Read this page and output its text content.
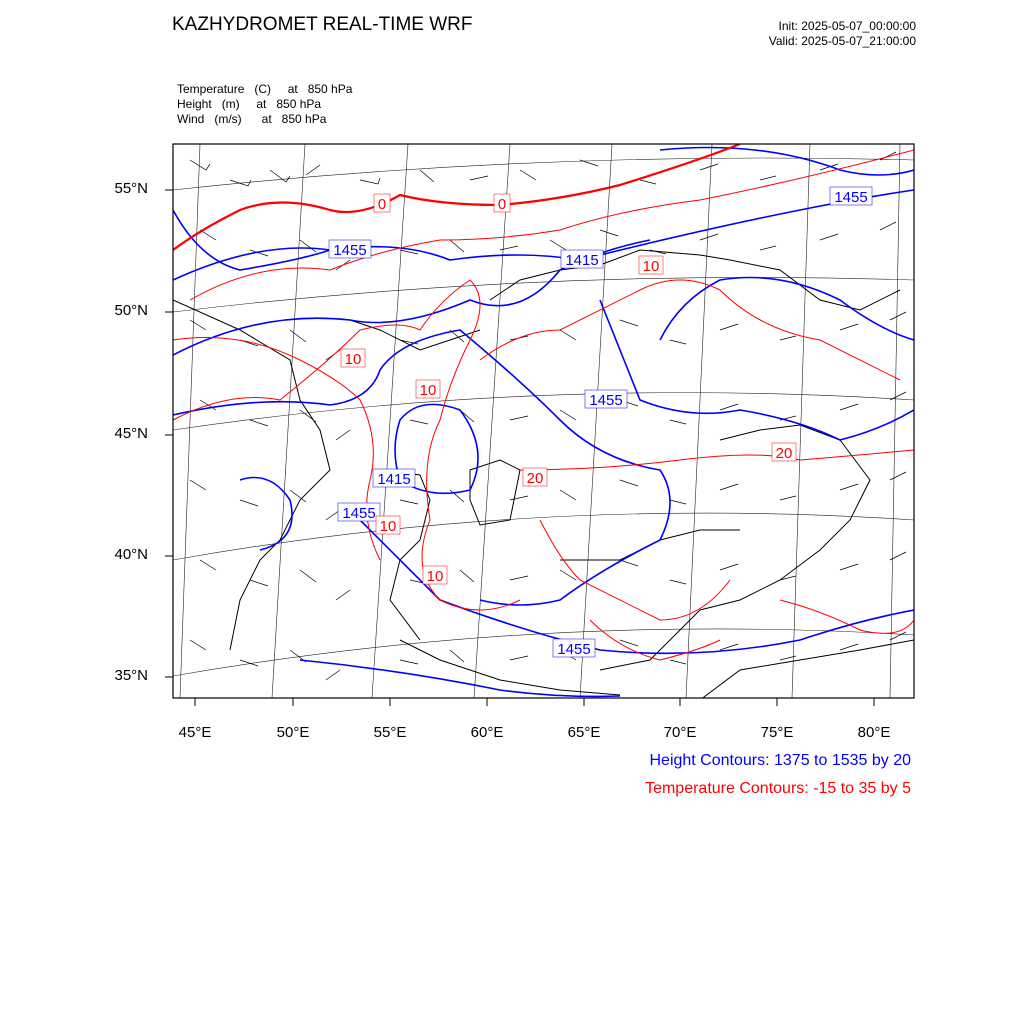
1455
1415
1455
1455
1415
1455
1455
0	0
10
10
10
10
20
20
10
KAZHYDROMET REAL-TIME WRF	Init: 2025-05-07_00:00:00
Valid: 2025-05-07_21:00:00
Temperature   (C)     at   850 hPa
Height   (m)     at   850 hPa
Wind   (m/s)      at   850 hPa
55°N
50°N
45°N
40°N
35°N
45°E	50°E	55°E	60°E	65°E	70°E	75°E	80°E
Height Contours: 1375 to 1535 by 20
Temperature Contours: -15 to 35 by 5
